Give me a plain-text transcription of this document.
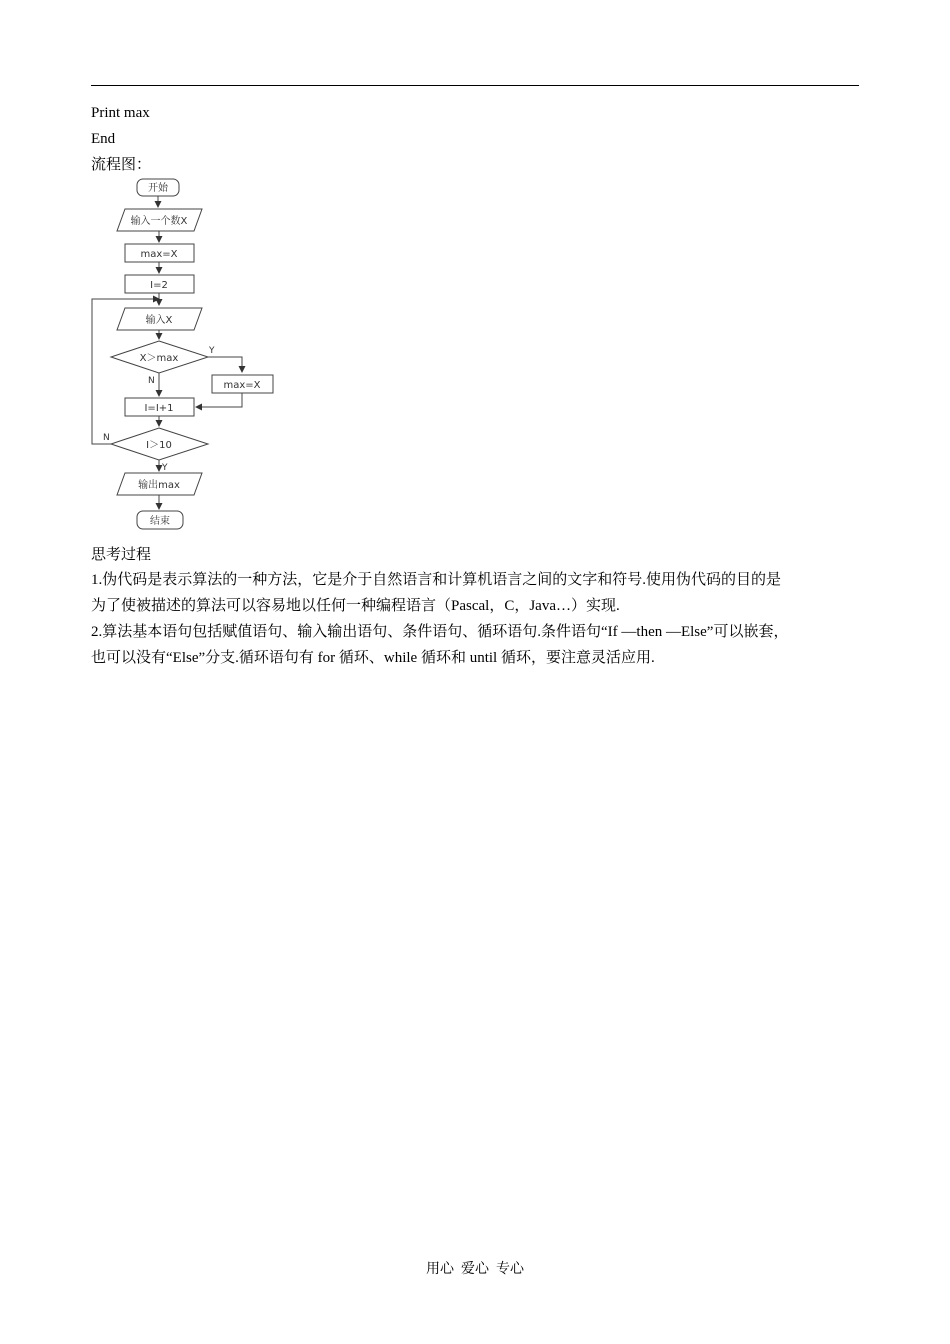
Print max
End
流程图：
开始
输入一个数X
max=X
I=2
输入X
X＞max
Y
N	max=X
I=I+1
I＞10
N
Y
输出max
结束
思考过程
1.伪代码是表示算法的一种方法，它是介于自然语言和计算机语言之间的文字和符号.使用伪代码的目的是
为了使被描述的算法可以容易地以任何一种编程语言（Pascal，C，Java…）实现.
2.算法基本语句包括赋值语句、输入输出语句、条件语句、循环语句.条件语句“If —then —Else”可以嵌套，
也可以没有“Else”分支.循环语句有 for 循环、while 循环和 until 循环，要注意灵活应用.
用心  爱心  专心
